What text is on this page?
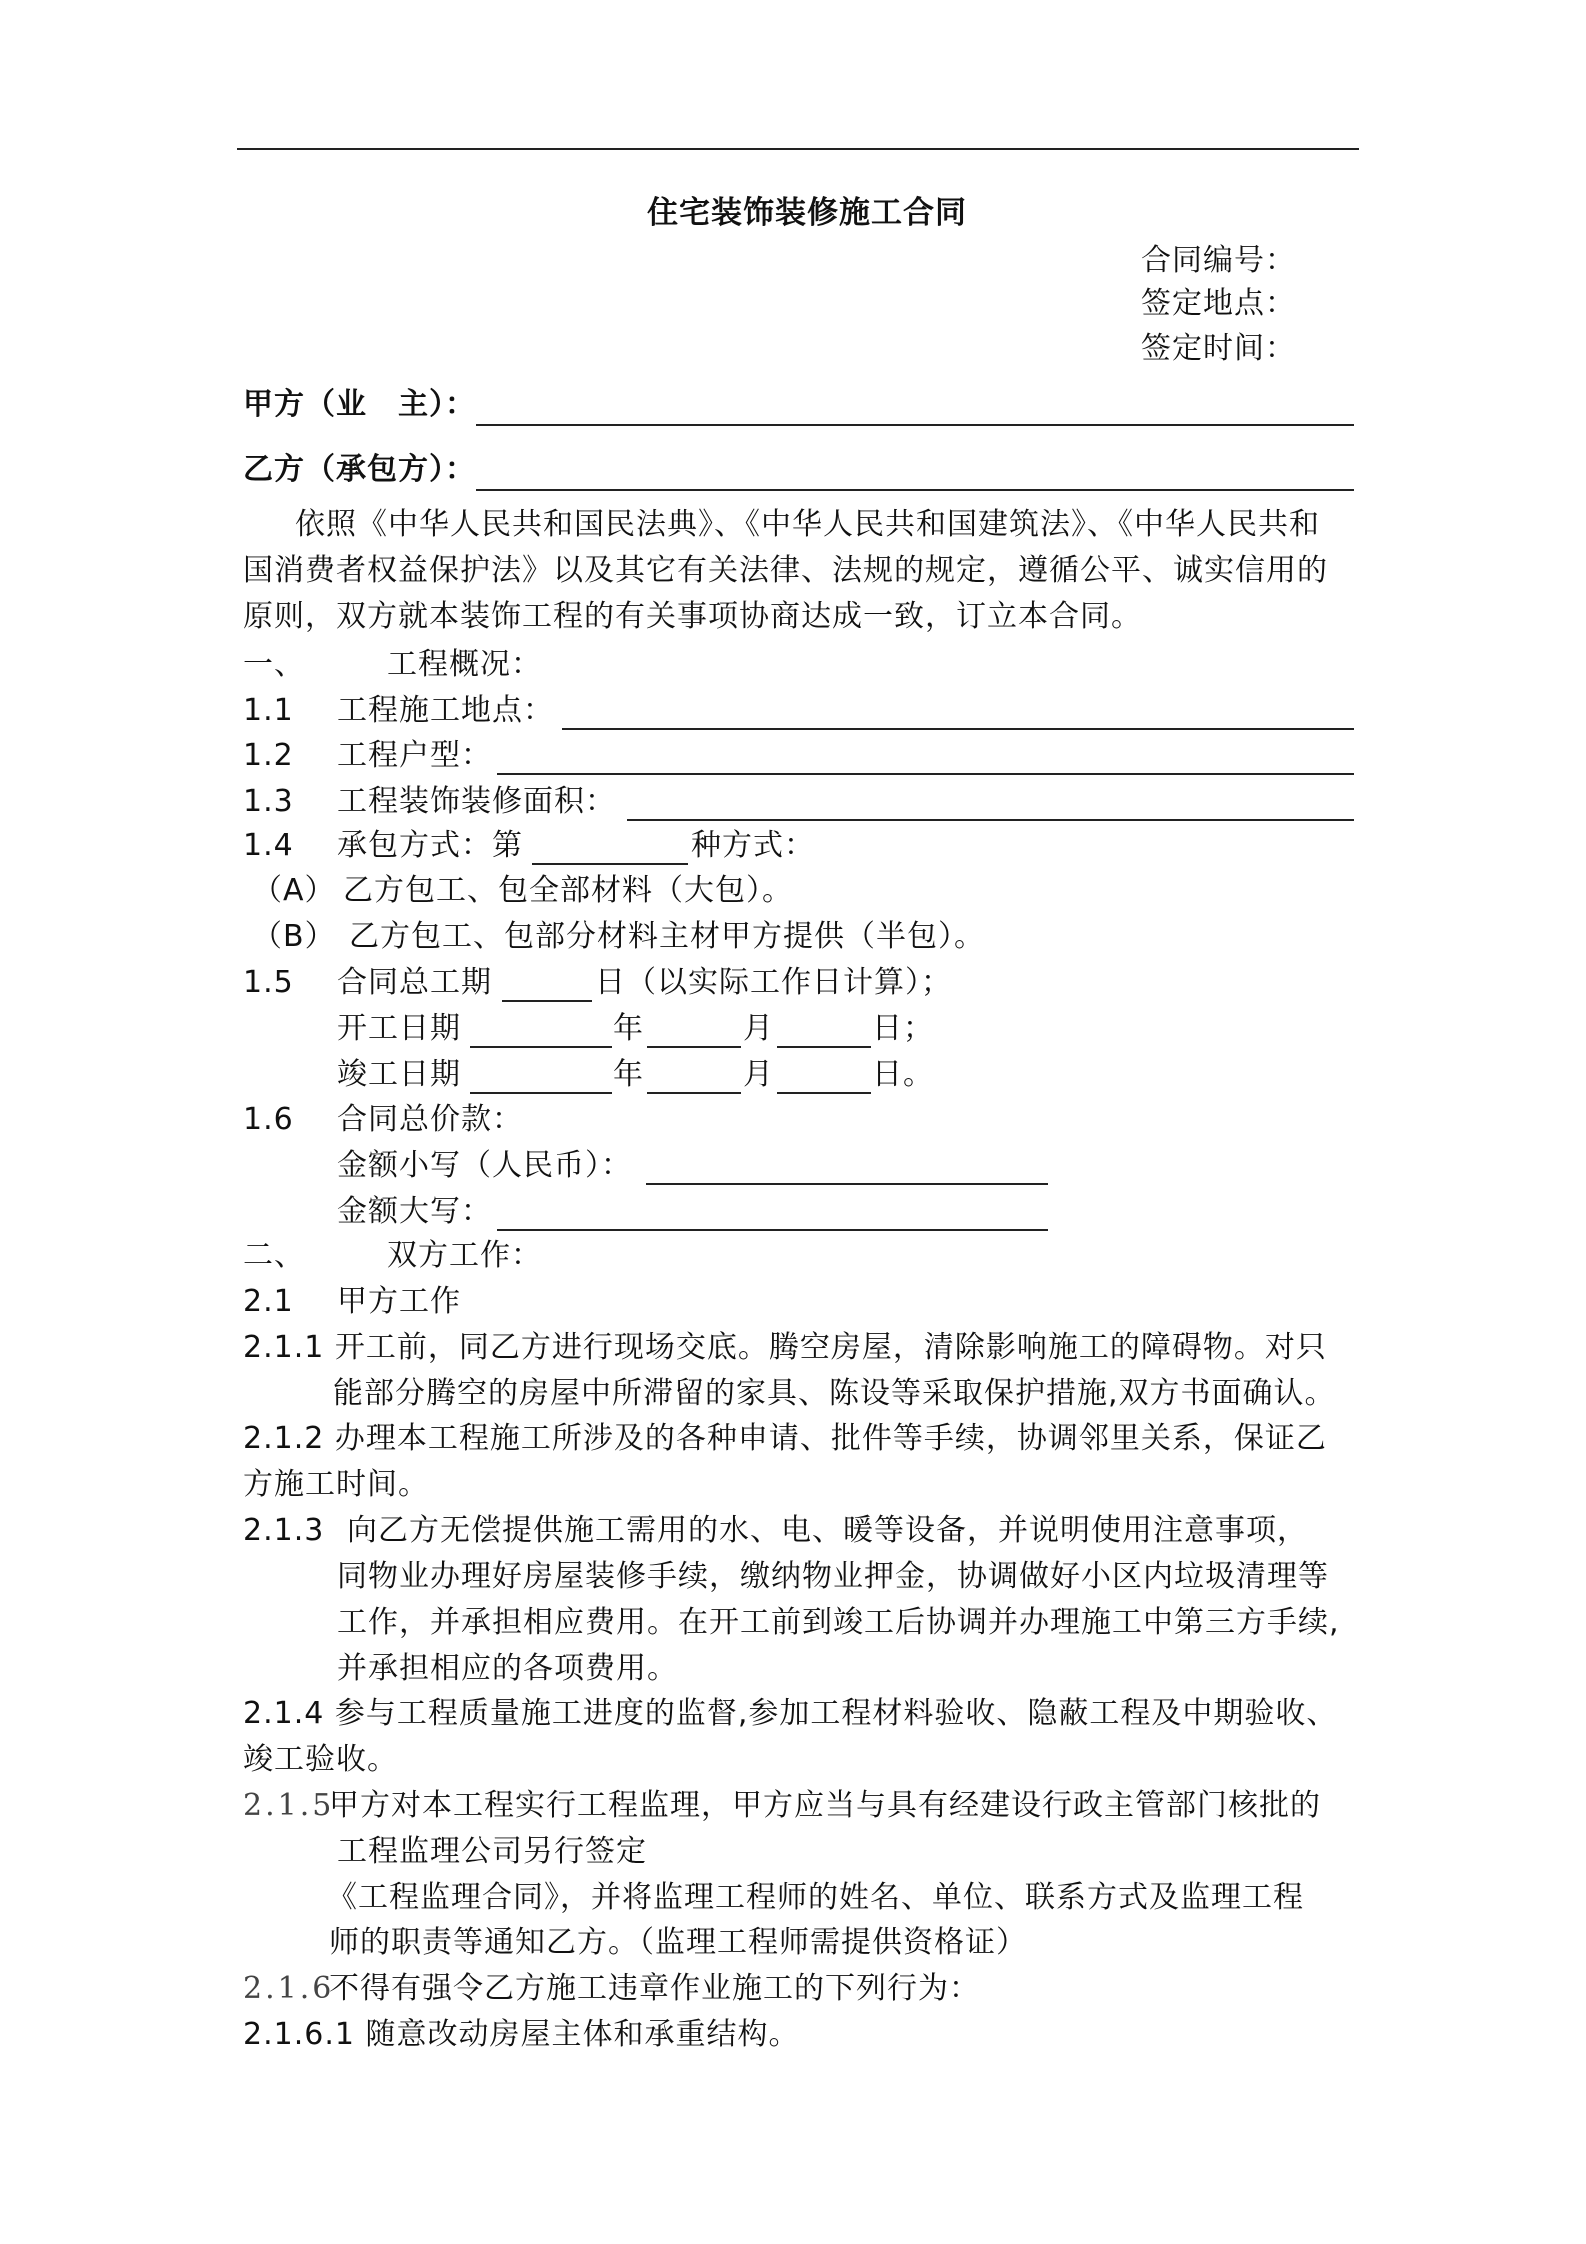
住宅装饰装修施工合同
合同编号：
签定地点：
签定时间：
甲方（业　主）：
乙方（承包方）：
依照《中华人民共和国民法典》、《中华人民共和国建筑法》、《中华人民共和
国消费者权益保护法》以及其它有关法律、法规的规定，遵循公平、诚实信用的
原则，双方就本装饰工程的有关事项协商达成一致，订立本合同。
一、	工程概况：
1.1 工程施工地点：
1.2 工程户型：
1.3 工程装饰装修面积：
1.4 承包方式：第	种方式：
（A） 乙方包工、包全部材料（大包）。
（B） 乙方包工、包部分材料主材甲方提供（半包）。
1.5 合同总工期	日（以实际工作日计算）；
开工日期	年	月	日；
竣工日期	年	月	日。
1.6 合同总价款：
金额小写（人民币）：
金额大写：
二、	双方工作：
2.1 甲方工作
2.1.1 开工前，同乙方进行现场交底。腾空房屋，清除影响施工的障碍物。对只
能部分腾空的房屋中所滞留的家具、陈设等采取保护措施,双方书面确认。
2.1.2 办理本工程施工所涉及的各种申请、批件等手续，协调邻里关系，保证乙
方施工时间。
2.1.3 向乙方无偿提供施工需用的水、电、暖等设备，并说明使用注意事项，
同物业办理好房屋装修手续，缴纳物业押金，协调做好小区内垃圾清理等
工作，并承担相应费用。在开工前到竣工后协调并办理施工中第三方手续,
并承担相应的各项费用。
2.1.4 参与工程质量施工进度的监督,参加工程材料验收、隐蔽工程及中期验收、
竣工验收。
2.1.5
甲方对本工程实行工程监理，甲方应当与具有经建设行政主管部门核批的
工程监理公司另行签定
《工程监理合同》，并将监理工程师的姓名、单位、联系方式及监理工程
师的职责等通知乙方。（监理工程师需提供资格证）
2.1.6
不得有强令乙方施工违章作业施工的下列行为：
2.1.6.1 随意改动房屋主体和承重结构。
